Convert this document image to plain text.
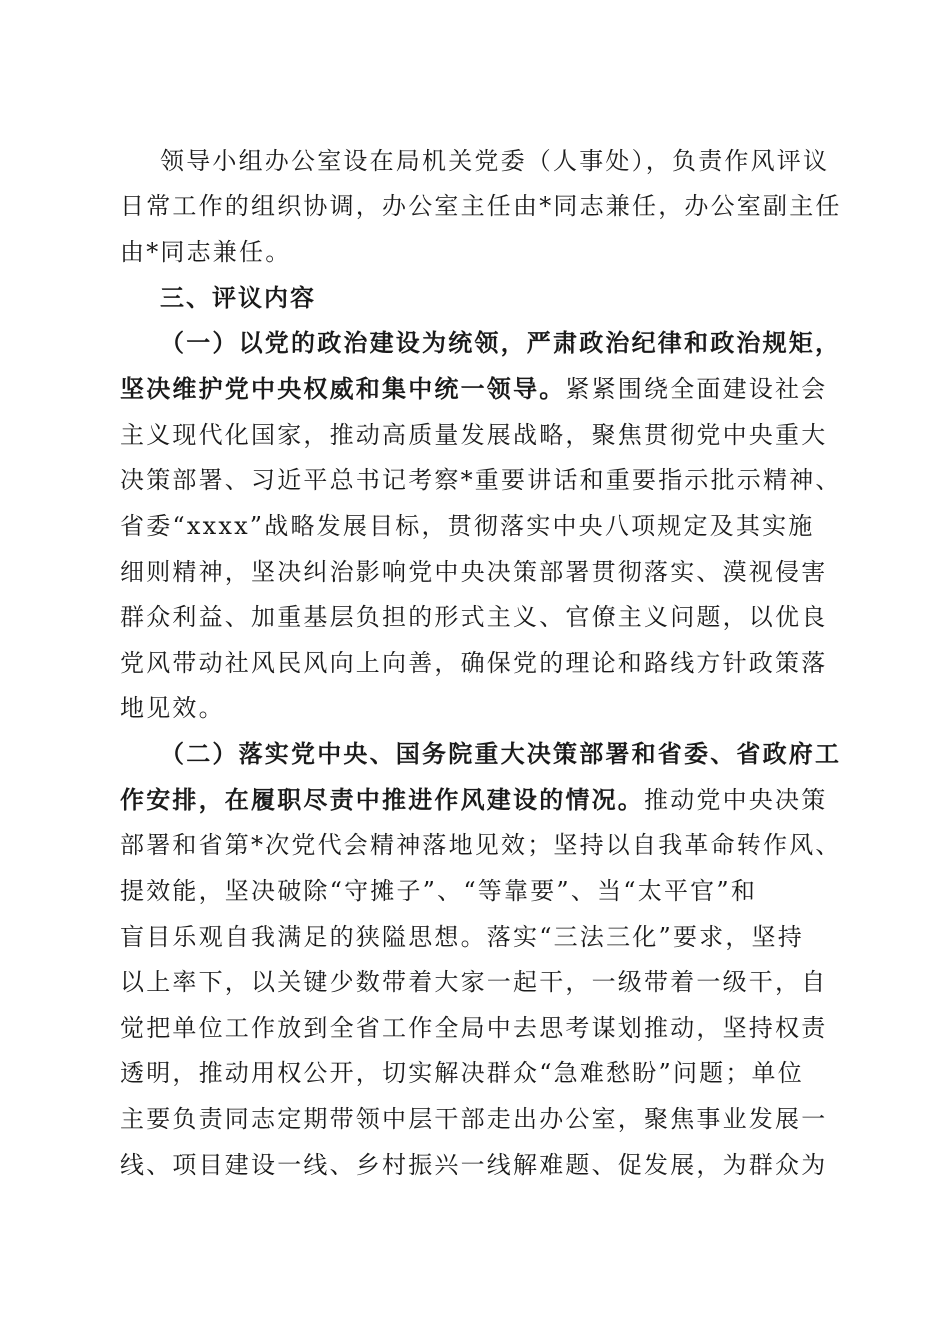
领导小组办公室设在局机关党委（人事处），负责作风评议
日常工作的组织协调，办公室主任由*同志兼任，办公室副主任
由*同志兼任。
三、评议内容
（一）以党的政治建设为统领，严肃政治纪律和政治规矩，
坚决维护党中央权威和集中统一领导。紧紧围绕全面建设社会
主义现代化国家，推动高质量发展战略，聚焦贯彻党中央重大
决策部署、习近平总书记考察*重要讲话和重要指示批示精神、
省委“xxxx”战略发展目标，贯彻落实中央八项规定及其实施
细则精神，坚决纠治影响党中央决策部署贯彻落实、漠视侵害
群众利益、加重基层负担的形式主义、官僚主义问题，以优良
党风带动社风民风向上向善，确保党的理论和路线方针政策落
地见效。
（二）落实党中央、国务院重大决策部署和省委、省政府工
作安排，在履职尽责中推进作风建设的情况。推动党中央决策
部署和省第*次党代会精神落地见效；坚持以自我革命转作风、
提效能，坚决破除“守摊子”、“等靠要”、当“太平官”和
盲目乐观自我满足的狭隘思想。落实“三法三化”要求，坚持
以上率下，以关键少数带着大家一起干，一级带着一级干，自
觉把单位工作放到全省工作全局中去思考谋划推动，坚持权责
透明，推动用权公开，切实解决群众“急难愁盼”问题；单位
主要负责同志定期带领中层干部走出办公室，聚焦事业发展一
线、项目建设一线、乡村振兴一线解难题、促发展，为群众为
